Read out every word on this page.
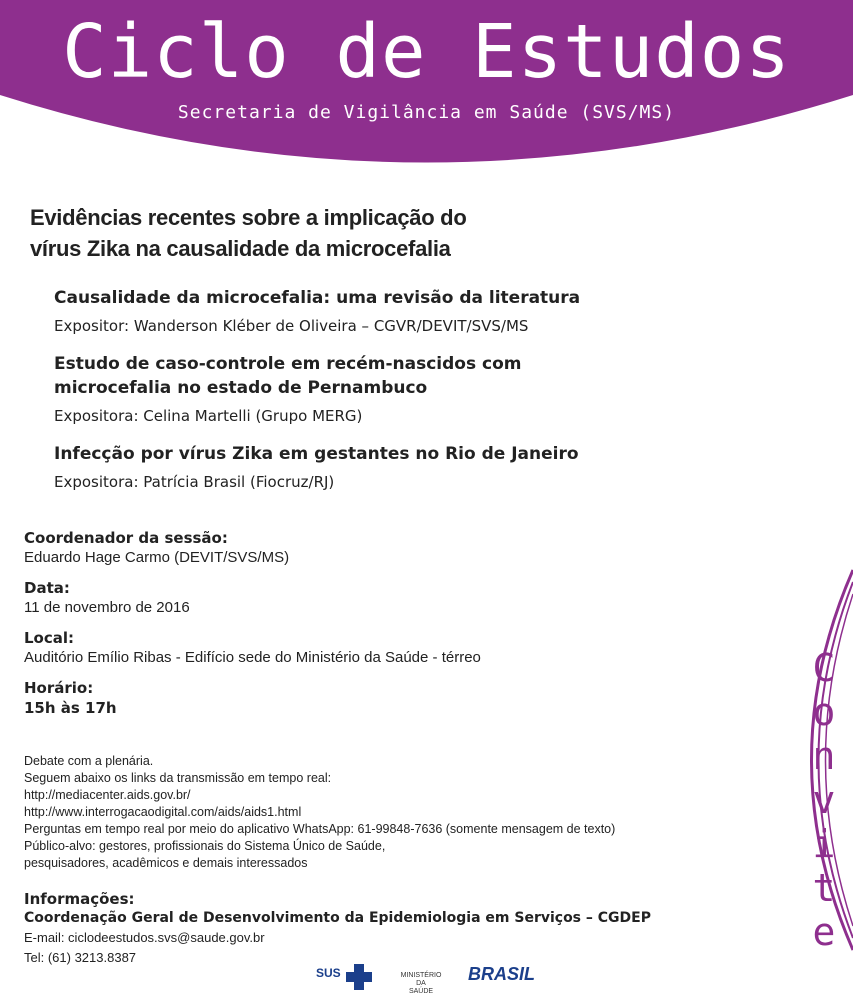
Ciclo de Estudos
Secretaria de Vigilância em Saúde (SVS/MS)
Evidências recentes sobre a implicação do
vírus Zika na causalidade da microcefalia
Causalidade da microcefalia: uma revisão da literatura
Expositor: Wanderson Kléber de Oliveira – CGVR/DEVIT/SVS/MS
Estudo de caso-controle em recém-nascidos com microcefalia no estado de Pernambuco
Expositora: Celina Martelli (Grupo MERG)
Infecção por vírus Zika em gestantes no Rio de Janeiro
Expositora: Patrícia Brasil (Fiocruz/RJ)
Coordenador da sessão:
Eduardo Hage Carmo (DEVIT/SVS/MS)
Data:
11 de novembro de 2016
Local:
Auditório Emílio Ribas - Edifício sede do Ministério da Saúde - térreo
Horário:
15h às 17h
Debate com a plenária.
Seguem abaixo os links da transmissão em tempo real:
http://mediacenter.aids.gov.br/
http://www.interrogacaodigital.com/aids/aids1.html
Perguntas em tempo real por meio do aplicativo WhatsApp: 61-99848-7636 (somente mensagem de texto)
Público-alvo: gestores, profissionais do Sistema Único de Saúde,
pesquisadores, acadêmicos e demais interessados
Informações:
Coordenação Geral de Desenvolvimento da Epidemiologia em Serviços – CGDEP
E-mail: ciclodeestudos.svs@saude.gov.br
Tel: (61) 3213.8387
C
o
n
v
i
t
e
SUS	MINISTÉRIO DA
SAÚDE
BRASIL
